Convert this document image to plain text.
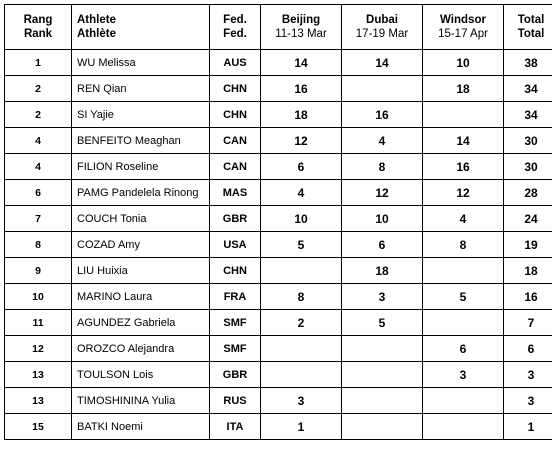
Rang	Athlete	Fed.	Beijing	Dubai	Windsor	Total
Rank	Athlète	Fed.	11-13 Mar	17-19 Mar	15-17 Apr	Total
1	WU Melissa	AUS	14	14	10	38
2	REN Qian	CHN	16		18	34
2	SI Yajie	CHN	18	16		34
4	BENFEITO Meaghan	CAN	12	4	14	30
4	FILION Roseline	CAN	6	8	16	30
6	PAMG Pandelela Rinong	MAS	4	12	12	28
7	COUCH Tonia	GBR	10	10	4	24
8	COZAD Amy	USA	5	6	8	19
9	LIU Huixia	CHN		18		18
10	MARINO Laura	FRA	8	3	5	16
11	AGUNDEZ Gabriela	SMF	2	5		7
12	OROZCO Alejandra	SMF			6	6
13	TOULSON Lois	GBR			3	3
13	TIMOSHININA Yulia	RUS	3			3
15	BATKI Noemi	ITA	1			1
